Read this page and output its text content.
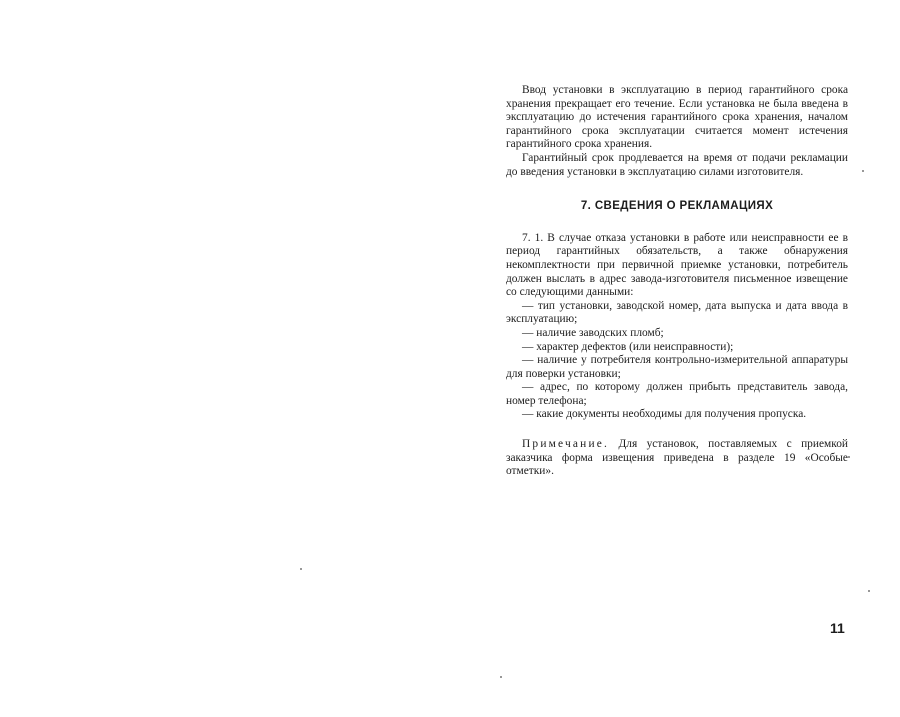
Ввод установки в эксплуатацию в период гарантийного срока хранения прекращает его течение. Если установка не была введена в эксплуатацию до истечения гарантийного срока хранения, началом гарантийного срока эксплуатации считается момент истечения гарантийного срока хранения.

Гарантийный срок продлевается на время от подачи рекламации до введения установки в эксплуатацию силами изготовителя.

7. СВЕДЕНИЯ О РЕКЛАМАЦИЯХ

7. 1. В случае отказа установки в работе или неисправности ее в период гарантийных обязательств, а также обнаружения некомплектности при первичной приемке установки, потребитель должен выслать в адрес завода-изготовителя письменное извещение со следующими данными:

— тип установки, заводской номер, дата выпуска и дата ввода в эксплуатацию;

— наличие заводских пломб;

— характер дефектов (или неисправности);

— наличие у потребителя контрольно-измерительной аппаратуры для поверки установки;

— адрес, по которому должен прибыть представитель завода, номер телефона;

— какие документы необходимы для получения пропуска.

Примечание. Для установок, поставляемых с приемкой заказчика форма извещения приведена в разделе 19 «Особые отметки».

11
